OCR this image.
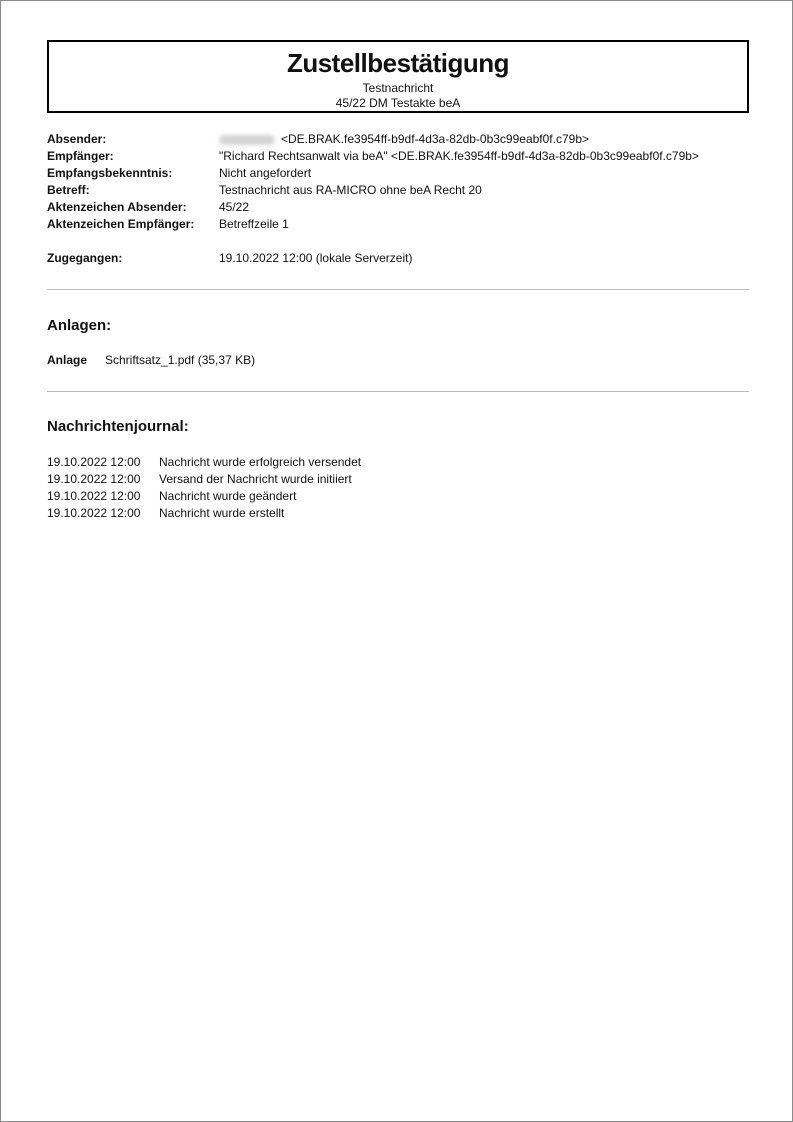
Zustellbestätigung
Testnachricht
45/22 DM Testakte beA
Absender:	<DE.BRAK.fe3954ff-b9df-4d3a-82db-0b3c99eabf0f.c79b>
Empfänger:	"Richard Rechtsanwalt via beA" <DE.BRAK.fe3954ff-b9df-4d3a-82db-0b3c99eabf0f.c79b>
Empfangsbekenntnis:	Nicht angefordert
Betreff:	Testnachricht aus RA-MICRO ohne beA Recht 20
Aktenzeichen Absender:	45/22
Aktenzeichen Empfänger:	Betreffzeile 1
Zugegangen:	19.10.2022 12:00 (lokale Serverzeit)
Anlagen:
Anlage	Schriftsatz_1.pdf (35,37 KB)
Nachrichtenjournal:
19.10.2022 12:00	Nachricht wurde erfolgreich versendet
19.10.2022 12:00	Versand der Nachricht wurde initiiert
19.10.2022 12:00	Nachricht wurde geändert
19.10.2022 12:00	Nachricht wurde erstellt
